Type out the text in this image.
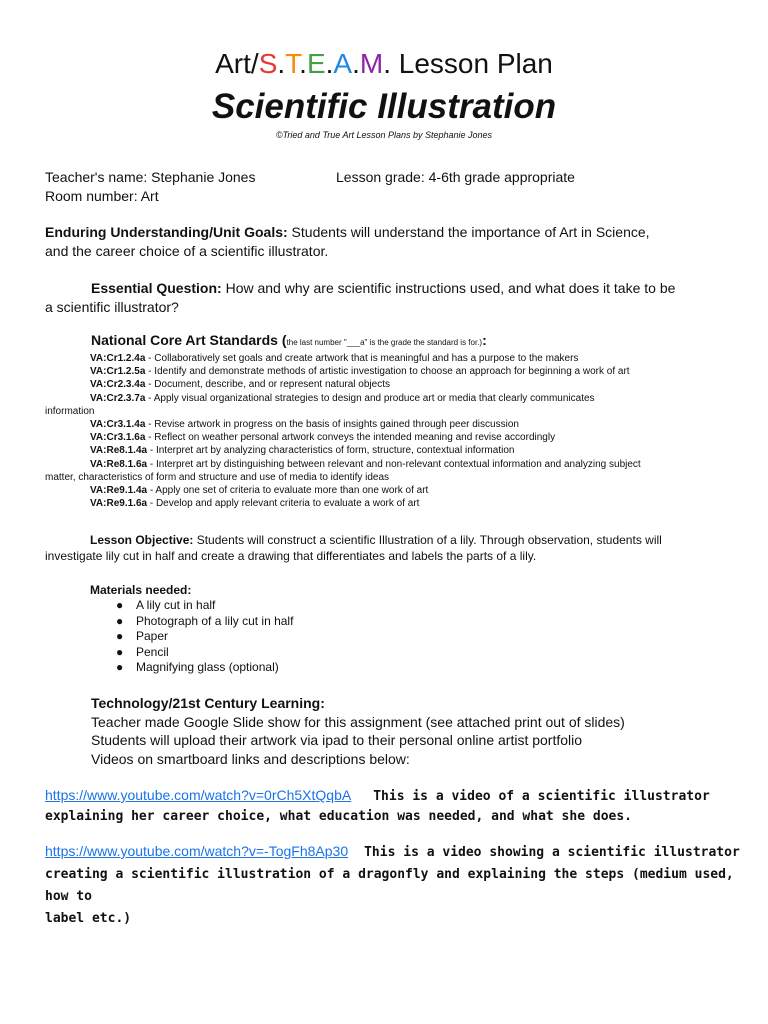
Art/S.T.E.A.M. Lesson Plan
Scientific Illustration
©Tried and True Art Lesson Plans by Stephanie Jones
Teacher's name: Stephanie Jones	Lesson grade: 4-6th grade appropriate
Room number: Art
Enduring Understanding/Unit Goals: Students will understand the importance of Art in Science,
and the career choice of a scientific illustrator.
Essential Question: How and why are scientific instructions used, and what does it take to be
a scientific illustrator?
National Core Art Standards (the last number "___a" is the grade the standard is for.):
VA:Cr1.2.4a - Collaboratively set goals and create artwork that is meaningful and has a purpose to the makers
VA:Cr1.2.5a - Identify and demonstrate methods of artistic investigation to choose an approach for beginning a work of art
VA:Cr2.3.4a - Document, describe, and or represent natural objects
VA:Cr2.3.7a - Apply visual organizational strategies to design and produce art or media that clearly communicates
information
VA:Cr3.1.4a - Revise artwork in progress on the basis of insights gained through peer discussion
VA:Cr3.1.6a - Reflect on weather personal artwork conveys the intended meaning and revise accordingly
VA:Re8.1.4a - Interpret art by analyzing characteristics of form, structure, contextual information
VA:Re8.1.6a - Interpret art by distinguishing between relevant and non-relevant contextual information and analyzing subject
matter, characteristics of form and structure and use of media to identify ideas
VA:Re9.1.4a - Apply one set of criteria to evaluate more than one work of art
VA:Re9.1.6a - Develop and apply relevant criteria to evaluate a work of art
Lesson Objective: Students will construct a scientific Illustration of a lily. Through observation, students will
investigate lily cut in half and create a drawing that differentiates and labels the parts of a lily.
Materials needed:
● A lily cut in half
● Photograph of a lily cut in half
● Paper
● Pencil
● Magnifying glass (optional)
Technology/21st Century Learning:
Teacher made Google Slide show for this assignment (see attached print out of slides)
Students will upload their artwork via ipad to their personal online artist portfolio
Videos on smartboard links and descriptions below:
https://www.youtube.com/watch?v=0rCh5XtQqbA This is a video of a scientific illustrator
explaining her career choice, what education was needed, and what she does.
https://www.youtube.com/watch?v=-TogFh8Ap30 This is a video showing a scientific illustrator
creating a scientific illustration of a dragonfly and explaining the steps (medium used, how to
label etc.)
